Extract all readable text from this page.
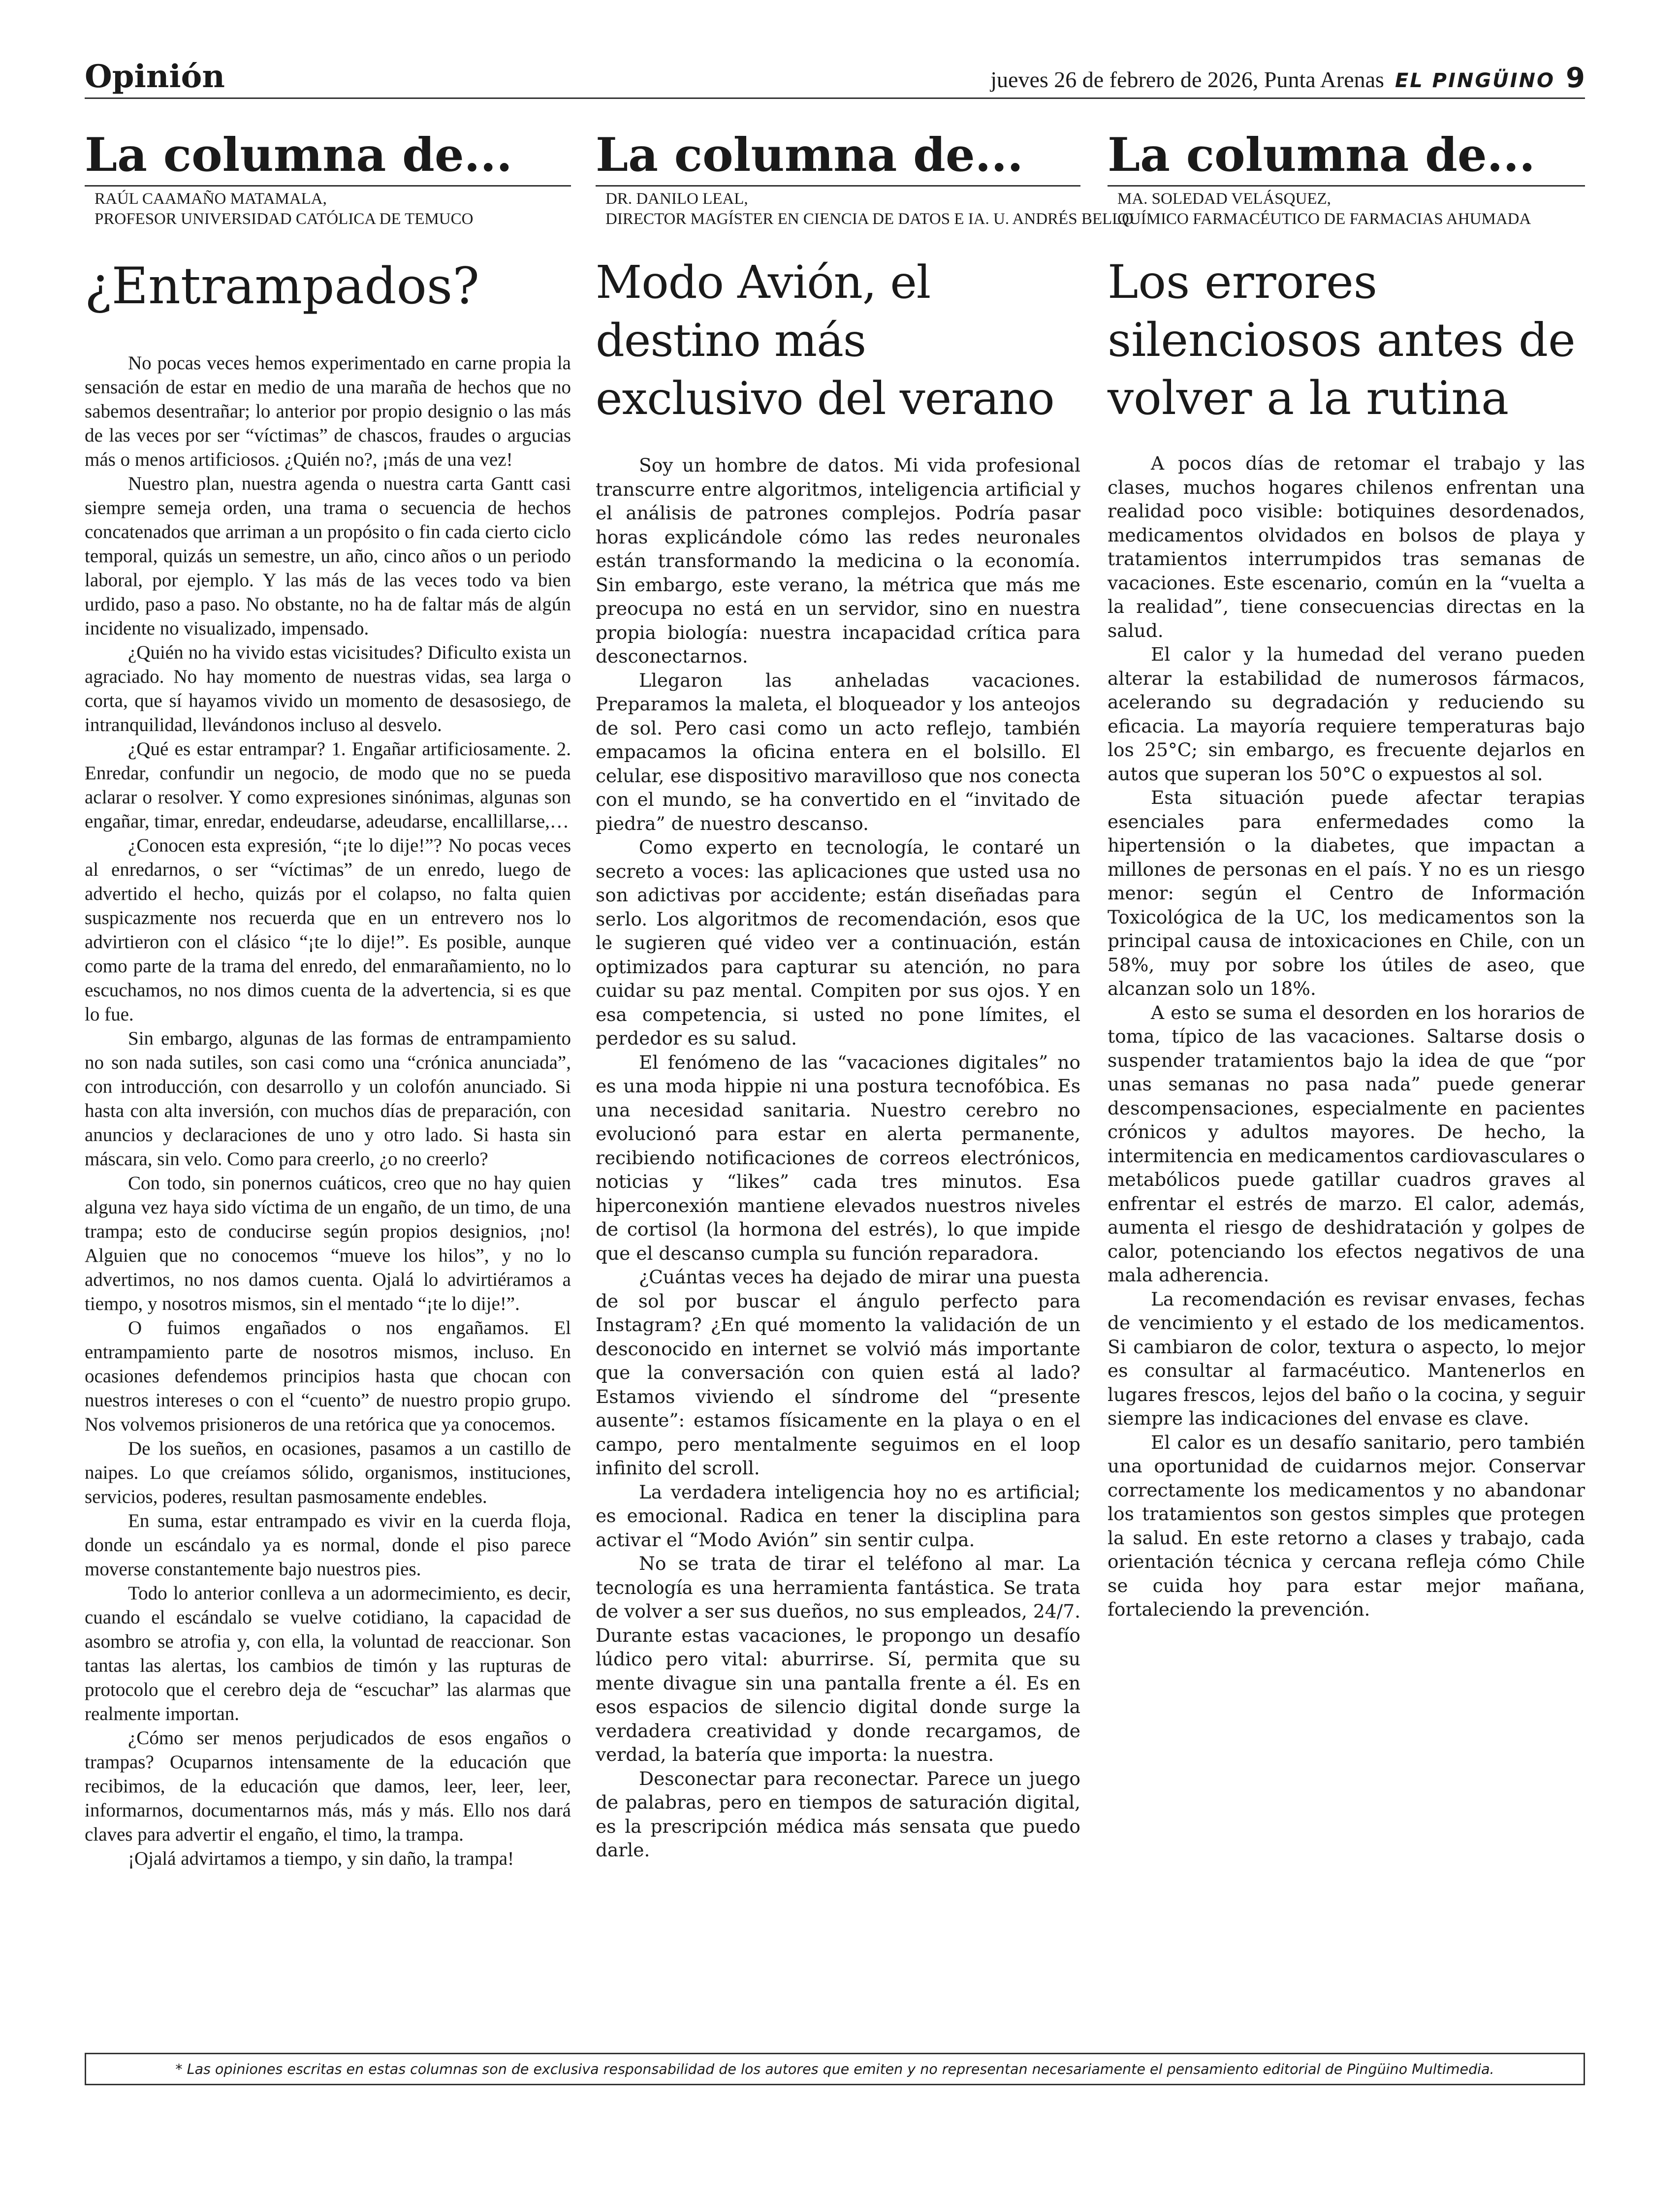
Opinión	jueves 26 de febrero de 2026, Punta Arenas EL PINGÜINO 9
La columna de...
RAÚL CAAMAÑO MATAMALA,
PROFESOR UNIVERSIDAD CATÓLICA DE TEMUCO
¿Entrampados?

No pocas veces hemos experimentado en carne propia la sensación de estar en medio de una maraña de hechos que no sabemos desentrañar; lo anterior por propio designio o las más de las veces por ser “víctimas” de chascos, fraudes o argucias más o menos artificiosos. ¿Quién no?, ¡más de una vez!

Nuestro plan, nuestra agenda o nuestra carta Gantt casi siempre semeja orden, una trama o secuencia de hechos concatenados que arriman a un propósito o fin cada cierto ciclo temporal, quizás un semestre, un año, cinco años o un periodo laboral, por ejemplo. Y las más de las veces todo va bien urdido, paso a paso. No obstante, no ha de faltar más de algún incidente no visualizado, impensado.

¿Quién no ha vivido estas vicisitudes? Dificulto exista un agraciado. No hay momento de nuestras vidas, sea larga o corta, que sí hayamos vivido un momento de desasosiego, de intranquilidad, llevándonos incluso al desvelo.

¿Qué es estar entrampar? 1. Engañar artificiosamente. 2. Enredar, confundir un negocio, de modo que no se pueda aclarar o resolver. Y como expresiones sinónimas, algunas son engañar, timar, enredar, endeudarse, adeudarse, encallillarse,…

¿Conocen esta expresión, “¡te lo dije!”? No pocas veces al enredarnos, o ser “víctimas” de un enredo, luego de advertido el hecho, quizás por el colapso, no falta quien suspicazmente nos recuerda que en un entrevero nos lo advirtieron con el clásico “¡te lo dije!”. Es posible, aunque como parte de la trama del enredo, del enmarañamiento, no lo escuchamos, no nos dimos cuenta de la advertencia, si es que lo fue.

Sin embargo, algunas de las formas de entrampamiento no son nada sutiles, son casi como una “crónica anunciada”, con introducción, con desarrollo y un colofón anunciado. Si hasta con alta inversión, con muchos días de preparación, con anuncios y declaraciones de uno y otro lado. Si hasta sin máscara, sin velo. Como para creerlo, ¿o no creerlo?

Con todo, sin ponernos cuáticos, creo que no hay quien alguna vez haya sido víctima de un engaño, de un timo, de una trampa; esto de conducirse según propios designios, ¡no! Alguien que no conocemos “mueve los hilos”, y no lo advertimos, no nos damos cuenta. Ojalá lo advirtiéramos a tiempo, y nosotros mismos, sin el mentado “¡te lo dije!”.

O fuimos engañados o nos engañamos. El entrampamiento parte de nosotros mismos, incluso. En ocasiones defendemos principios hasta que chocan con nuestros intereses o con el “cuento” de nuestro propio grupo. Nos volvemos prisioneros de una retórica que ya conocemos.

De los sueños, en ocasiones, pasamos a un castillo de naipes. Lo que creíamos sólido, organismos, instituciones, servicios, poderes, resultan pasmosamente endebles.

En suma, estar entrampado es vivir en la cuerda floja, donde un escándalo ya es normal, donde el piso parece moverse constantemente bajo nuestros pies.

Todo lo anterior conlleva a un adormecimiento, es decir, cuando el escándalo se vuelve cotidiano, la capacidad de asombro se atrofia y, con ella, la voluntad de reaccionar. Son tantas las alertas, los cambios de timón y las rupturas de protocolo que el cerebro deja de “escuchar” las alarmas que realmente importan.

¿Cómo ser menos perjudicados de esos engaños o trampas? Ocuparnos intensamente de la educación que recibimos, de la educación que damos, leer, leer, leer, informarnos, documentarnos más, más y más. Ello nos dará claves para advertir el engaño, el timo, la trampa.

¡Ojalá advirtamos a tiempo, y sin daño, la trampa!

La columna de...
DR. DANILO LEAL,
DIRECTOR MAGÍSTER EN CIENCIA DE DATOS E IA. U. ANDRÉS BELLO
Modo Avión, el destino más exclusivo del verano

Soy un hombre de datos. Mi vida profesional transcurre entre algoritmos, inteligencia artificial y el análisis de patrones complejos. Podría pasar horas explicándole cómo las redes neuronales están transformando la medicina o la economía. Sin embargo, este verano, la métrica que más me preocupa no está en un servidor, sino en nuestra propia biología: nuestra incapacidad crítica para desconectarnos.

Llegaron las anheladas vacaciones. Preparamos la maleta, el bloqueador y los anteojos de sol. Pero casi como un acto reflejo, también empacamos la oficina entera en el bolsillo. El celular, ese dispositivo maravilloso que nos conecta con el mundo, se ha convertido en el “invitado de piedra” de nuestro descanso.

Como experto en tecnología, le contaré un secreto a voces: las aplicaciones que usted usa no son adictivas por accidente; están diseñadas para serlo. Los algoritmos de recomendación, esos que le sugieren qué video ver a continuación, están optimizados para capturar su atención, no para cuidar su paz mental. Compiten por sus ojos. Y en esa competencia, si usted no pone límites, el perdedor es su salud.

El fenómeno de las “vacaciones digitales” no es una moda hippie ni una postura tecnofóbica. Es una necesidad sanitaria. Nuestro cerebro no evolucionó para estar en alerta permanente, recibiendo notificaciones de correos electrónicos, noticias y “likes” cada tres minutos. Esa hiperconexión mantiene elevados nuestros niveles de cortisol (la hormona del estrés), lo que impide que el descanso cumpla su función reparadora.

¿Cuántas veces ha dejado de mirar una puesta de sol por buscar el ángulo perfecto para Instagram? ¿En qué momento la validación de un desconocido en internet se volvió más importante que la conversación con quien está al lado? Estamos viviendo el síndrome del “presente ausente”: estamos físicamente en la playa o en el campo, pero mentalmente seguimos en el loop infinito del scroll.

La verdadera inteligencia hoy no es artificial; es emocional. Radica en tener la disciplina para activar el “Modo Avión” sin sentir culpa.

No se trata de tirar el teléfono al mar. La tecnología es una herramienta fantástica. Se trata de volver a ser sus dueños, no sus empleados, 24/7. Durante estas vacaciones, le propongo un desafío lúdico pero vital: aburrirse. Sí, permita que su mente divague sin una pantalla frente a él. Es en esos espacios de silencio digital donde surge la verdadera creatividad y donde recargamos, de verdad, la batería que importa: la nuestra.

Desconectar para reconectar. Parece un juego de palabras, pero en tiempos de saturación digital, es la prescripción médica más sensata que puedo darle.

La columna de...
MA. SOLEDAD VELÁSQUEZ,
QUÍMICO FARMACÉUTICO DE FARMACIAS AHUMADA
Los errores silenciosos antes de volver a la rutina

A pocos días de retomar el trabajo y las clases, muchos hogares chilenos enfrentan una realidad poco visible: botiquines desordenados, medicamentos olvidados en bolsos de playa y tratamientos interrumpidos tras semanas de vacaciones. Este escenario, común en la “vuelta a la realidad”, tiene consecuencias directas en la salud.

El calor y la humedad del verano pueden alterar la estabilidad de numerosos fármacos, acelerando su degradación y reduciendo su eficacia. La mayoría requiere temperaturas bajo los 25°C; sin embargo, es frecuente dejarlos en autos que superan los 50°C o expuestos al sol.

Esta situación puede afectar terapias esenciales para enfermedades como la hipertensión o la diabetes, que impactan a millones de personas en el país. Y no es un riesgo menor: según el Centro de Información Toxicológica de la UC, los medicamentos son la principal causa de intoxicaciones en Chile, con un 58%, muy por sobre los útiles de aseo, que alcanzan solo un 18%.

A esto se suma el desorden en los horarios de toma, típico de las vacaciones. Saltarse dosis o suspender tratamientos bajo la idea de que “por unas semanas no pasa nada” puede generar descompensaciones, especialmente en pacientes crónicos y adultos mayores. De hecho, la intermitencia en medicamentos cardiovasculares o metabólicos puede gatillar cuadros graves al enfrentar el estrés de marzo. El calor, además, aumenta el riesgo de deshidratación y golpes de calor, potenciando los efectos negativos de una mala adherencia.

La recomendación es revisar envases, fechas de vencimiento y el estado de los medicamentos. Si cambiaron de color, textura o aspecto, lo mejor es consultar al farmacéutico. Mantenerlos en lugares frescos, lejos del baño o la cocina, y seguir siempre las indicaciones del envase es clave.

El calor es un desafío sanitario, pero también una oportunidad de cuidarnos mejor. Conservar correctamente los medicamentos y no abandonar los tratamientos son gestos simples que protegen la salud. En este retorno a clases y trabajo, cada orientación técnica y cercana refleja cómo Chile se cuida hoy para estar mejor mañana, fortaleciendo la prevención.

* Las opiniones escritas en estas columnas son de exclusiva responsabilidad de los autores que emiten y no representan necesariamente el pensamiento editorial de Pingüino Multimedia.
